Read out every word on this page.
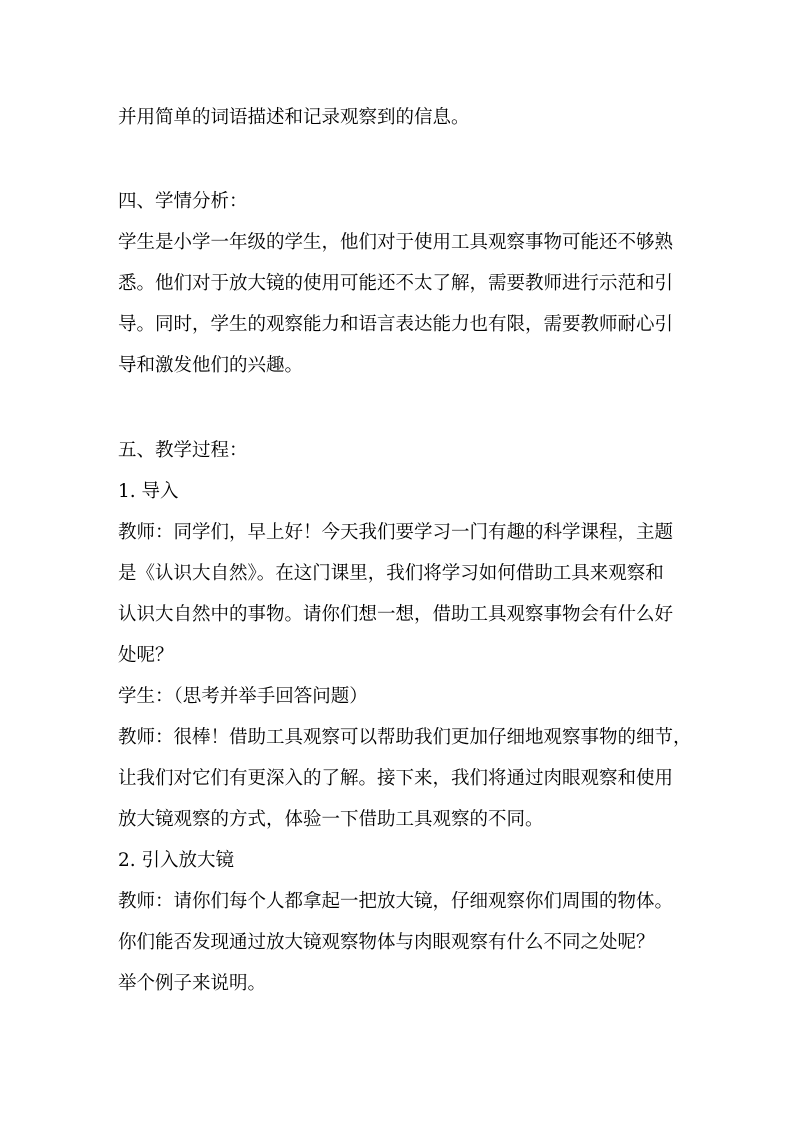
并用简单的词语描述和记录观察到的信息。
四、学情分析：
学生是小学一年级的学生，他们对于使用工具观察事物可能还不够熟
悉。他们对于放大镜的使用可能还不太了解，需要教师进行示范和引
导。同时，学生的观察能力和语言表达能力也有限，需要教师耐心引
导和激发他们的兴趣。
五、教学过程：
1. 导入
教师：同学们，早上好！今天我们要学习一门有趣的科学课程，主题
是《认识大自然》。在这门课里，我们将学习如何借助工具来观察和
认识大自然中的事物。请你们想一想，借助工具观察事物会有什么好
处呢？
学生：（思考并举手回答问题）
教师：很棒！借助工具观察可以帮助我们更加仔细地观察事物的细节，
让我们对它们有更深入的了解。接下来，我们将通过肉眼观察和使用
放大镜观察的方式，体验一下借助工具观察的不同。
2. 引入放大镜
教师：请你们每个人都拿起一把放大镜，仔细观察你们周围的物体。
你们能否发现通过放大镜观察物体与肉眼观察有什么不同之处呢？
举个例子来说明。
